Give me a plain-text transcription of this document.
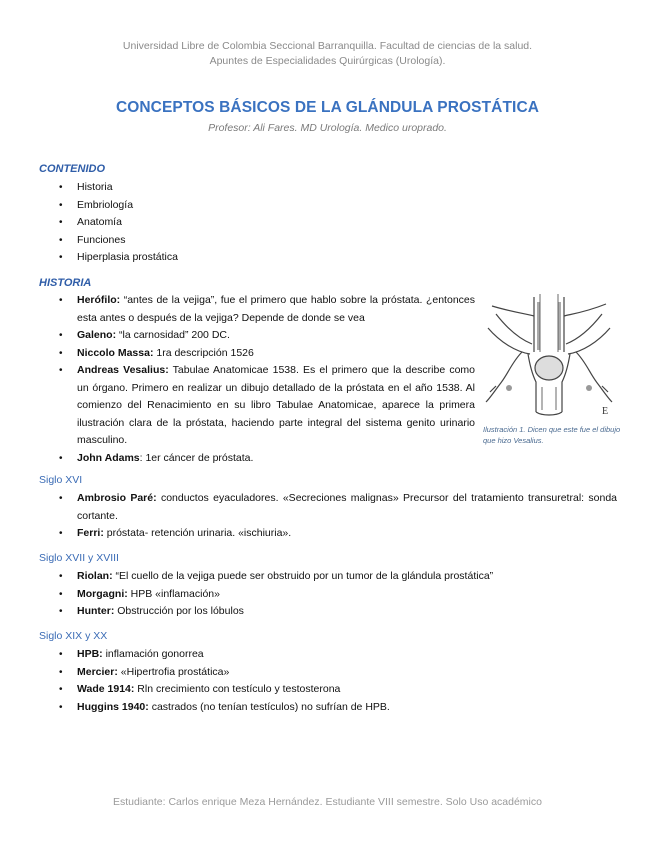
Universidad Libre de Colombia Seccional Barranquilla. Facultad de ciencias de la salud.
Apuntes de Especialidades Quirúrgicas (Urología).
CONCEPTOS BÁSICOS DE LA GLÁNDULA PROSTÁTICA
Profesor: Ali Fares. MD Urología. Medico uroprado.
CONTENIDO
• Historia
• Embriología
• Anatomía
• Funciones
• Hiperplasia prostática
HISTORIA
• Herófilo: “antes de la vejiga”, fue el primero que hablo sobre la próstata. ¿entonces esta antes o después de la vejiga? Depende de donde se vea
• Galeno: “la carnosidad” 200 DC.
• Niccolo Massa: 1ra descripción 1526
• Andreas Vesalius: Tabulae Anatomicae 1538. Es el primero que la describe como un órgano. Primero en realizar un dibujo detallado de la próstata en el año 1538. Al comienzo del Renacimiento en su libro Tabulae Anatomicae, aparece la primera ilustración clara de la próstata, haciendo parte integral del sistema genito urinario masculino.
• John Adams: 1er cáncer de próstata.
E
Ilustración 1. Dicen que este fue el dibujo que hizo Vesalius.
Siglo XVI
• Ambrosio Paré: conductos eyaculadores. «Secreciones malignas» Precursor del tratamiento transuretral: sonda cortante.
• Ferri: próstata- retención urinaria. «ischiuria».
Siglo XVII y XVIII
• Riolan: “El cuello de la vejiga puede ser obstruido por un tumor de la glándula prostática”
• Morgagni: HPB «inflamación»
• Hunter: Obstrucción por los lóbulos
Siglo XIX y XX
• HPB: inflamación gonorrea
• Mercier: «Hipertrofia prostática»
• Wade 1914: Rln crecimiento con testículo y testosterona
• Huggins 1940: castrados (no tenían testículos) no sufrían de HPB.
Estudiante: Carlos enrique Meza Hernández. Estudiante VIII semestre. Solo Uso académico
